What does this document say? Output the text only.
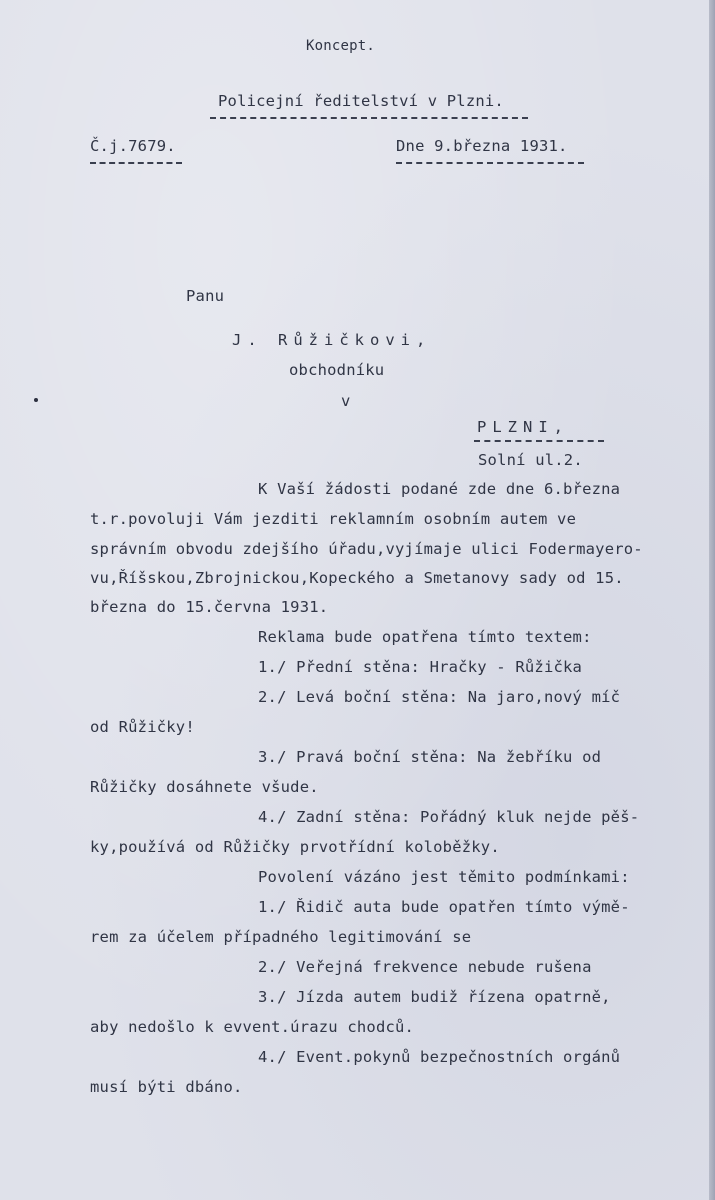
Koncept.
Policejní ředitelství v Plzni.
Č.j.7679.	Dne 9.března 1931.
Panu
J. Růžičkovi,
obchodníku
v
PLZNI,
Solní ul.2.
K Vaší žádosti podané zde dne 6.března
t.r.povoluji Vám jezditi reklamním osobním autem ve
správním obvodu zdejšího úřadu,vyjímaje ulici Fodermayero-
vu,Říšskou,Zbrojnickou,Kopeckého a Smetanovy sady od 15.
března do 15.června 1931.
Reklama bude opatřena tímto textem:
1./ Přední stěna: Hračky - Růžička
2./ Levá boční stěna: Na jaro,nový míč
od Růžičky!
3./ Pravá boční stěna: Na žebříku od
Růžičky dosáhnete všude.
4./ Zadní stěna: Pořádný kluk nejde pěš-
ky,používá od Růžičky prvotřídní koloběžky.
Povolení vázáno jest těmito podmínkami:
1./ Řidič auta bude opatřen tímto výmě-
rem za účelem případného legitimování se
2./ Veřejná frekvence nebude rušena
3./ Jízda autem budiž řízena opatrně,
aby nedošlo k evvent.úrazu chodců.
4./ Event.pokynů bezpečnostních orgánů
musí býti dbáno.
